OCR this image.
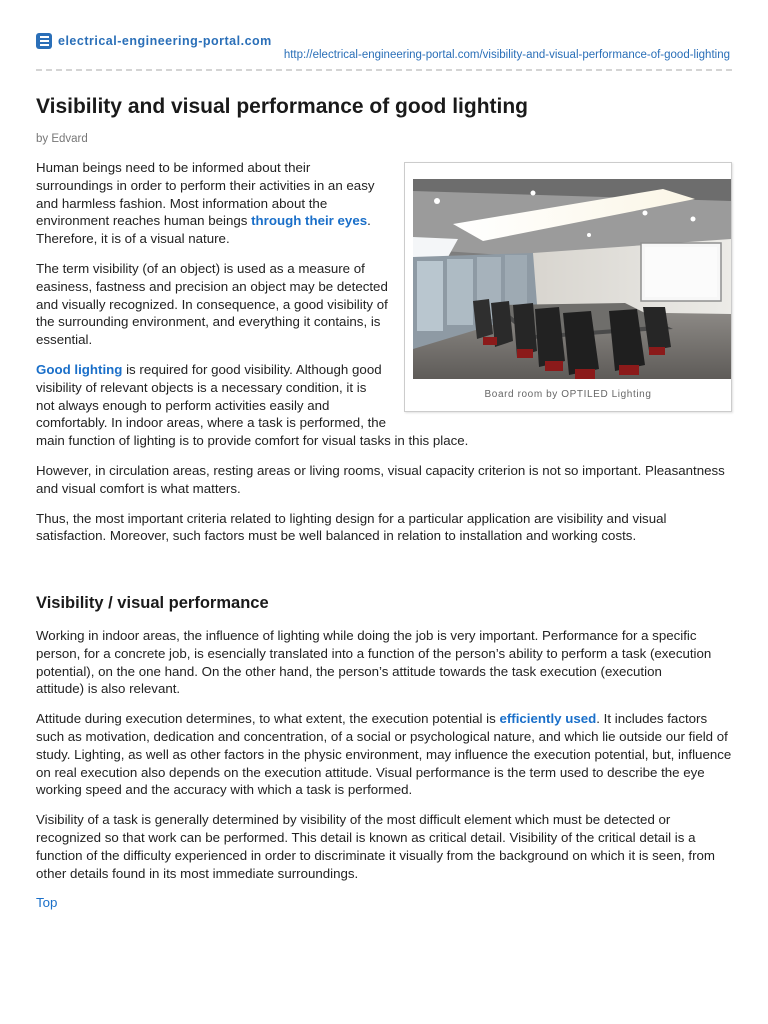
electrical-engineering-portal.com
http://electrical-engineering-portal.com/visibility-and-visual-performance-of-good-lighting
Visibility and visual performance of good lighting
by Edvard
Board room by OPTILED Lighting

Human beings need to be informed about their surroundings in order to perform their activities in an easy and harmless fashion. Most information about the environment reaches human beings through their eyes. Therefore, it is of a visual nature.

The term visibility (of an object) is used as a measure of easiness, fastness and precision an object may be detected and visually recognized. In consequence, a good visibility of the surrounding environment, and everything it contains, is essential.

Good lighting is required for good visibility. Although good visibility of relevant objects is a necessary condition, it is not always enough to perform activities easily and comfortably. In indoor areas, where a task is performed, the main function of lighting is to provide comfort for visual tasks in this place.

However, in circulation areas, resting areas or living rooms, visual capacity criterion is not so important. Pleasantness and visual comfort is what matters.

Thus, the most important criteria related to lighting design for a particular application are visibility and visual satisfaction. Moreover, such factors must be well balanced in relation to installation and working costs.

Visibility / visual performance

Working in indoor areas, the influence of lighting while doing the job is very important. Performance for a specific person, for a concrete job, is esencially translated into a function of the person’s ability to perform a task (execution potential), on the one hand. On the other hand, the person’s attitude towards the task execution (execution
attitude) is also relevant.

Attitude during execution determines, to what extent, the execution potential is efficiently used. It includes factors such as motivation, dedication and concentration, of a social or psychological nature, and which lie outside our field of study. Lighting, as well as other factors in the physic environment, may influence the execution potential, but, influence on real execution also depends on the execution attitude. Visual performance is the term used to describe the eye working speed and the accuracy with which a task is performed.

Visibility of a task is generally determined by visibility of the most difficult element which must be detected or recognized so that work can be performed. This detail is known as critical detail. Visibility of the critical detail is a function of the difficulty experienced in order to discriminate it visually from the background on which it is seen, from other details found in its most immediate surroundings.

Top
